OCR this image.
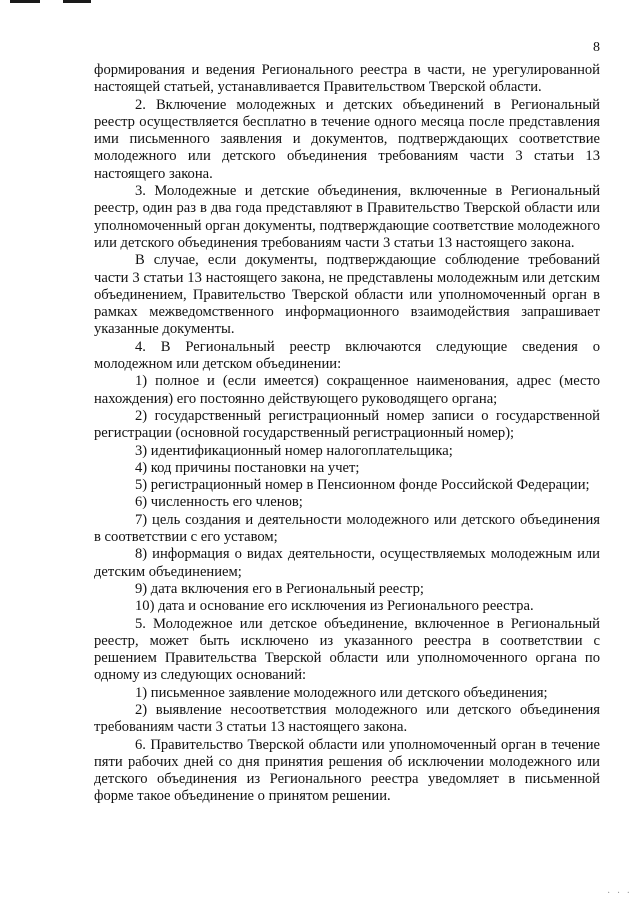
8

формирования и ведения Регионального реестра в части, не урегулированной настоящей статьей, устанавливается Правительством Тверской области.

2. Включение молодежных и детских объединений в Региональный реестр осуществляется бесплатно в течение одного месяца после представления ими письменного заявления и документов, подтверждающих соответствие молодежного или детского объединения требованиям части 3 статьи 13 настоящего закона.

3. Молодежные и детские объединения, включенные в Региональный реестр, один раз в два года представляют в Правительство Тверской области или уполномоченный орган документы, подтверждающие соответствие молодежного или детского объединения требованиям части 3 статьи 13 настоящего закона.

В случае, если документы, подтверждающие соблюдение требований части 3 статьи 13 настоящего закона, не представлены молодежным или детским объединением, Правительство Тверской области или уполномоченный орган в рамках межведомственного информационного взаимодействия запрашивает указанные документы.

4. В Региональный реестр включаются следующие сведения о молодежном или детском объединении:

1) полное и (если имеется) сокращенное наименования, адрес (место нахождения) его постоянно действующего руководящего органа;

2) государственный регистрационный номер записи о государственной регистрации (основной государственный регистрационный номер);

3) идентификационный номер налогоплательщика;

4) код причины постановки на учет;

5) регистрационный номер в Пенсионном фонде Российской Федерации;

6) численность его членов;

7) цель создания и деятельности молодежного или детского объединения в соответствии с его уставом;

8) информация о видах деятельности, осуществляемых молодежным или детским объединением;

9) дата включения его в Региональный реестр;

10) дата и основание его исключения из Регионального реестра.

5. Молодежное или детское объединение, включенное в Региональный реестр, может быть исключено из указанного реестра в соответствии с решением Правительства Тверской области или уполномоченного органа по одному из следующих оснований:

1) письменное заявление молодежного или детского объединения;

2) выявление несоответствия молодежного или детского объединения требованиям части 3 статьи 13 настоящего закона.

6. Правительство Тверской области или уполномоченный орган в течение пяти рабочих дней со дня принятия решения об исключении молодежного или детского объединения из Регионального реестра уведомляет в письменной форме такое объединение о принятом решении.

· · ·
